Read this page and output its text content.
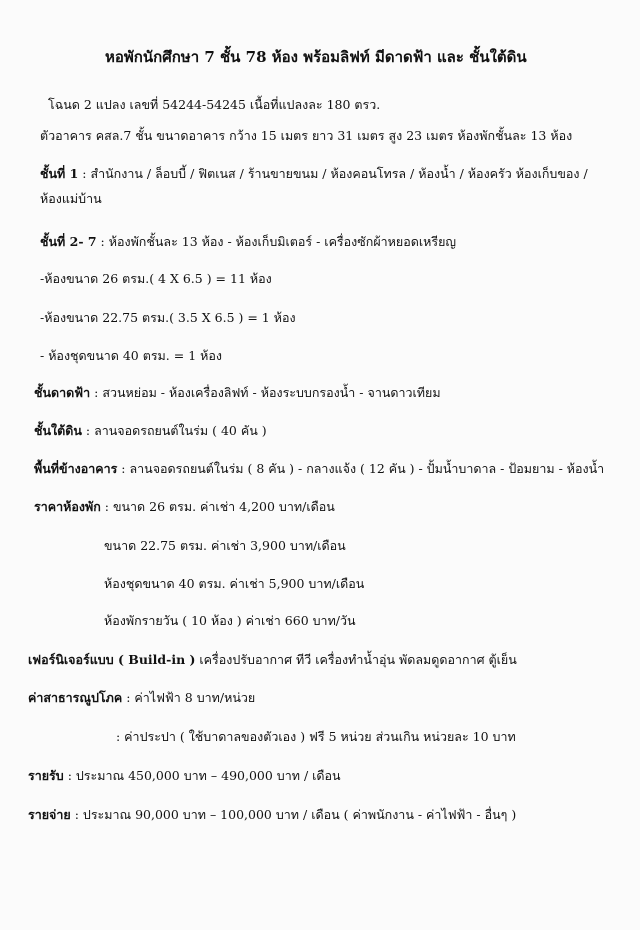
หอพักนักศึกษา 7 ชั้น 78 ห้อง พร้อมลิฟท์ มีดาดฟ้า และ ชั้นใต้ดิน
โฉนด 2 แปลง เลขที่ 54244-54245 เนื้อที่แปลงละ 180 ตรว.
ตัวอาคาร คสล.7 ชั้น ขนาดอาคาร กว้าง 15 เมตร ยาว 31 เมตร สูง 23 เมตร ห้องพักชั้นละ 13 ห้อง
ชั้นที่ 1 : สำนักงาน / ล็อบบี้ / ฟิตเนส / ร้านขายขนม / ห้องคอนโทรล / ห้องน้ำ / ห้องครัว ห้องเก็บของ /
ห้องแม่บ้าน
ชั้นที่ 2- 7 : ห้องพักชั้นละ 13 ห้อง - ห้องเก็บมิเตอร์ - เครื่องซักผ้าหยอดเหรียญ
-ห้องขนาด 26 ตรม.( 4 X 6.5 ) = 11 ห้อง
-ห้องขนาด 22.75 ตรม.( 3.5 X 6.5 ) = 1 ห้อง
- ห้องชุดขนาด 40 ตรม. = 1 ห้อง
ชั้นดาดฟ้า : สวนหย่อม - ห้องเครื่องลิฟท์ - ห้องระบบกรองน้ำ - จานดาวเทียม
ชั้นใต้ดิน : ลานจอดรถยนต์ในร่ม ( 40 คัน )
พื้นที่ข้างอาคาร : ลานจอดรถยนต์ในร่ม ( 8 คัน ) - กลางแจ้ง ( 12 คัน ) - ปั้มน้ำบาดาล - ป้อมยาม - ห้องน้ำ
ราคาห้องพัก : ขนาด 26 ตรม. ค่าเช่า 4,200 บาท/เดือน
ขนาด 22.75 ตรม. ค่าเช่า 3,900 บาท/เดือน
ห้องชุดขนาด 40 ตรม. ค่าเช่า 5,900 บาท/เดือน
ห้องพักรายวัน ( 10 ห้อง ) ค่าเช่า 660 บาท/วัน
เฟอร์นิเจอร์แบบ ( Build-in ) เครื่องปรับอากาศ ทีวี เครื่องทำน้ำอุ่น พัดลมดูดอากาศ ตู้เย็น
ค่าสาธารณูปโภค : ค่าไฟฟ้า 8 บาท/หน่วย
: ค่าประปา ( ใช้บาดาลของตัวเอง ) ฟรี 5 หน่วย ส่วนเกิน หน่วยละ 10 บาท
รายรับ : ประมาณ 450,000 บาท – 490,000 บาท / เดือน
รายจ่าย : ประมาณ 90,000 บาท – 100,000 บาท / เดือน ( ค่าพนักงาน - ค่าไฟฟ้า - อื่นๆ )
